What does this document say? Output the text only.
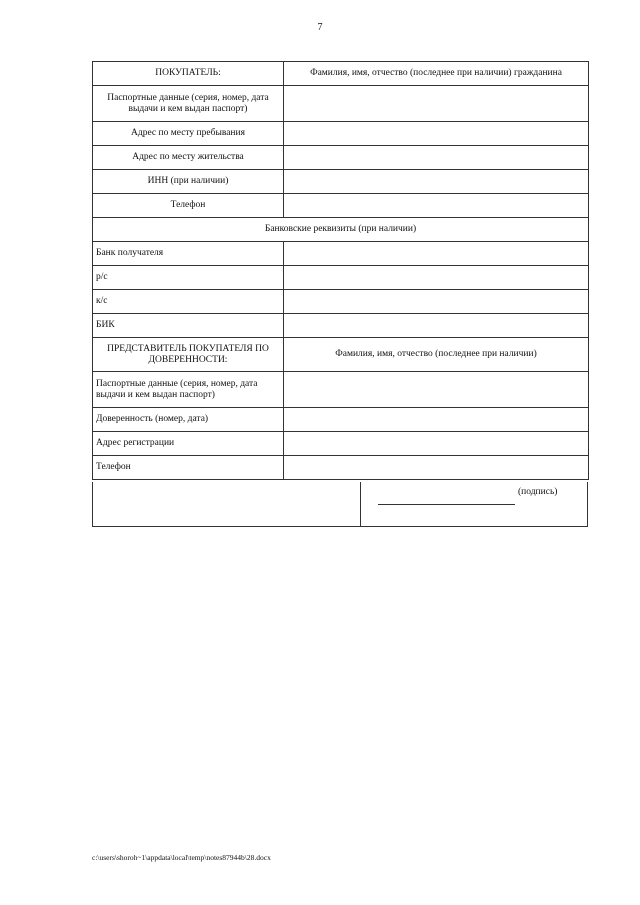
7
ПОКУПАТЕЛЬ:	Фамилия, имя, отчество (последнее при наличии) гражданина
Паспортные данные (серия, номер, дата выдачи и кем выдан паспорт)	
Адрес по месту пребывания	
Адрес по месту жительства	
ИНН (при наличии)	
Телефон	
Банковские реквизиты (при наличии)	
Банк получателя	
р/с	
к/с	
БИК	
ПРЕДСТАВИТЕЛЬ ПОКУПАТЕЛЯ ПО ДОВЕРЕННОСТИ:	Фамилия, имя, отчество (последнее при наличии)
Паспортные данные (серия, номер, дата выдачи и кем выдан паспорт)	
Доверенность (номер, дата)	
Адрес регистрации	
Телефон	
(подпись)
c:\users\shoroh~1\appdata\local\temp\notes87944b\28.docx
